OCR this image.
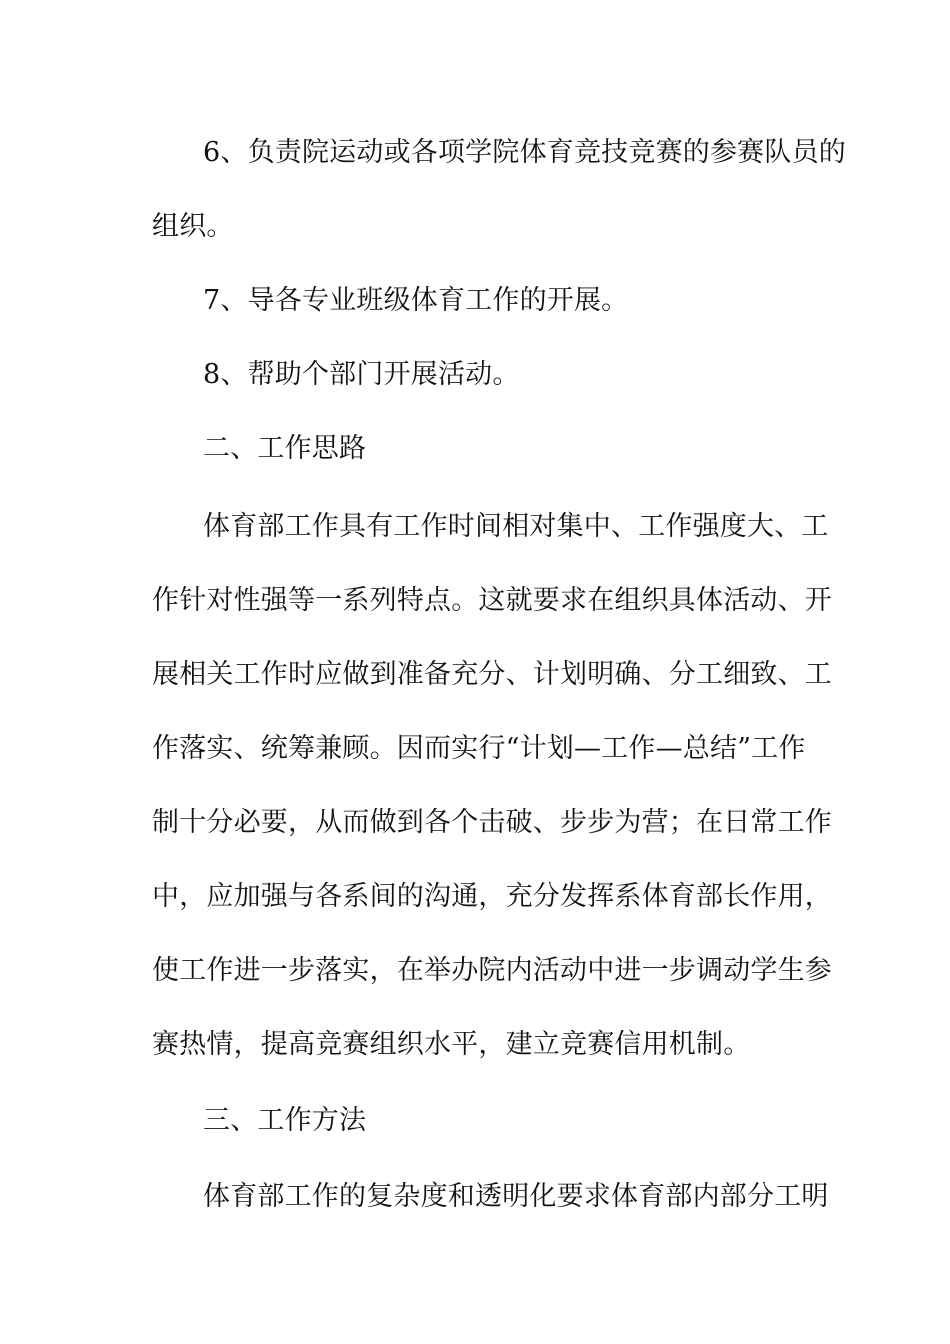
6、负责院运动或各项学院体育竞技竞赛的参赛队员的
组织。
7、导各专业班级体育工作的开展。
8、帮助个部门开展活动。
二、工作思路
体育部工作具有工作时间相对集中、工作强度大、工
作针对性强等一系列特点。这就要求在组织具体活动、开
展相关工作时应做到准备充分、计划明确、分工细致、工
作落实、统筹兼顾。因而实行“计划—工作—总结”工作
制十分必要，从而做到各个击破、步步为营；在日常工作
中，应加强与各系间的沟通，充分发挥系体育部长作用，
使工作进一步落实，在举办院内活动中进一步调动学生参
赛热情，提高竞赛组织水平，建立竞赛信用机制。
三、工作方法
体育部工作的复杂度和透明化要求体育部内部分工明
